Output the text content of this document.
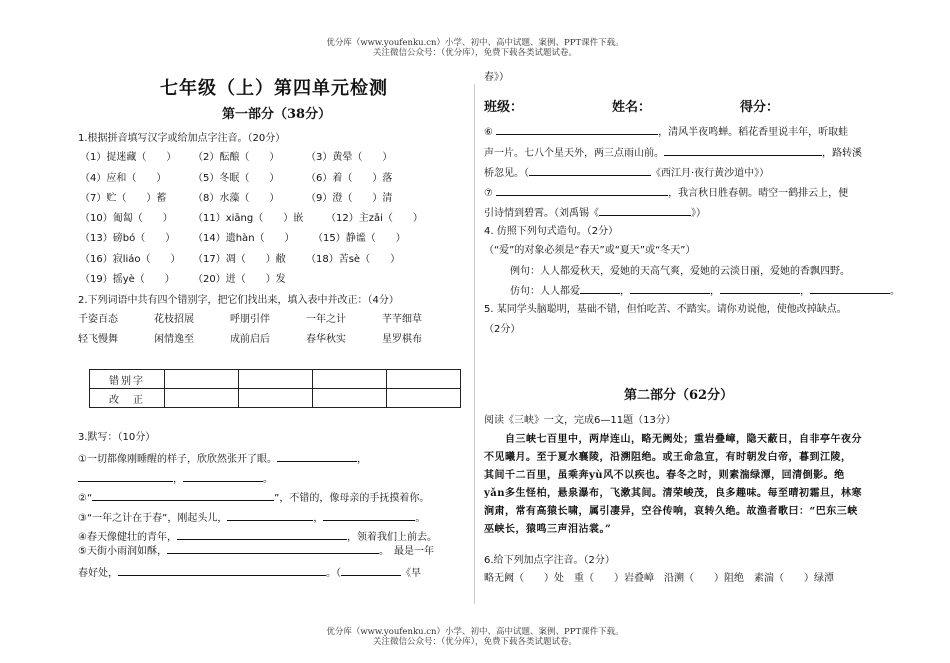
优分库（www.youfenku.cn）小学、初中、高中试题、案例、PPT课件下载。
关注微信公众号：（优分库），免费下载各类试题试卷。
优分库（www.youfenku.cn）小学、初中、高中试题、案例、PPT课件下载。
关注微信公众号：（优分库），免费下载各类试题试卷。
七年级（上）第四单元检测
第一部分（38分）
1.根据拼音填写汉字或给加点字注音。（20分）
（1）捉迷藏（　　） （2）酝酿（　　）	（3）黄晕（　　）
（4）应和（　　）	（5）冬眠（　　）	（6）着（　　）落
（7）贮（　　）蓄	（8）水藻（　　）	（9）澄（　　）清
（10）匍匐（　　） （11）xiāng（　　）嵌 （12）主zǎi（　　）
（13）磅bó（　　） （14）遗hàn（　　） （15）静谧（　　）
（16）寂liáo（　　） （17）凋（　　）敝 （18）苦sè（　　）
（19）摇yè（　　） （20）迸（　　）发
2.下列词语中共有四个错别字，把它们找出来，填入表中并改正：（4分）
千姿百态	花枝招展	呼朋引伴	一年之计	芊芊细草
轻飞慢舞	闲情逸至	成前启后	春华秋实	星罗棋布
错别字				
改　正				
3.默写：（10分）
①一切都像刚睡醒的样子，欣欣然张开了眼。	，
，	。
②“	”，不错的，像母亲的手抚摸着你。
③“一年之计在于春”，刚起头儿，	，	。
④春天像健壮的青年，	，领着我们上前去。
⑤天街小雨润如酥，	。　最是一年
春好处，	。（	《早
春》）
班级：	姓名：	得分：
⑥	，清风半夜鸣蝉。稻花香里说丰年，听取蛙
声一片。七八个星天外，两三点雨山前。	，路转溪
桥忽见。（	《西江月·夜行黄沙道中》）
⑦	，我言秋日胜春朝。晴空一鹤排云上，便
引诗情到碧霄。（刘禹锡《	》）
4. 仿照下列句式造句。（2分）
（“爱”的对象必须是“春天”或“夏天”或“冬天”）
例句：人人都爱秋天，爱她的天高气爽，爱她的云淡日丽，爱她的香飘四野。
仿句：人人都爱	，	，	，	。
5. 某同学头脑聪明，基础不错，但怕吃苦、不踏实。请你劝说他，使他改掉缺点。
（2分）
第二部分（62分）
阅读《三峡》一文，完成6—11题（13分）
　　自三峡七百里中，两岸连山，略无阙处；重岩叠嶂，隐天蔽日，自非亭午夜分
不见曦月。至于夏水襄陵，沿溯阻绝。或王命急宣，有时朝发白帝，暮到江陵，
其间千二百里，虽乘奔yù风不以疾也。春冬之时，则素湍绿潭，回清倒影。绝
yǎn多生怪柏，悬泉瀑布，飞漱其间。清荣峻茂，良多趣味。每至晴初霜旦，林寒
涧肃，常有高猿长啸，属引凄异，空谷传响，哀转久绝。故渔者歌曰：“巴东三峡
巫峡长，猿鸣三声泪沾裳。”
6.给下列加点字注音。（2分）
略无阙（　　）处　重（　　）岩叠嶂　沿溯（　　）阻绝　素湍（　　）绿潭
